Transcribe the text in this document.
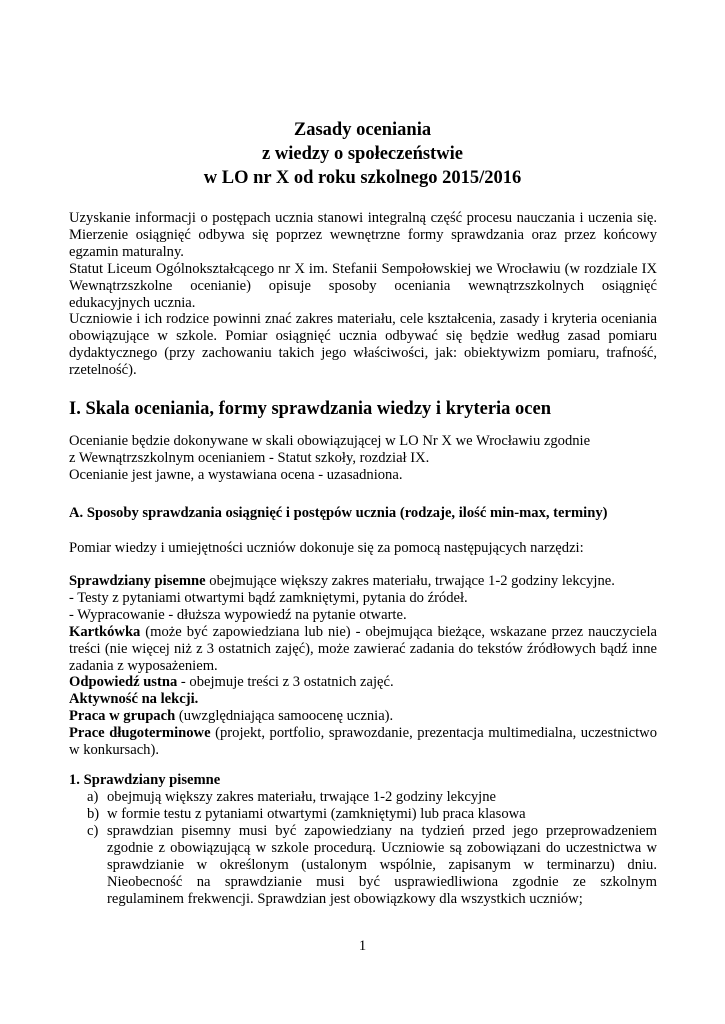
Zasady oceniania
z wiedzy o społeczeństwie
w LO nr X od roku szkolnego 2015/2016
Uzyskanie informacji o postępach ucznia stanowi integralną część procesu nauczania i uczenia się.
Mierzenie osiągnięć odbywa się poprzez wewnętrzne formy sprawdzania oraz przez końcowy
egzamin maturalny.
Statut Liceum Ogólnokształcącego nr X im. Stefanii Sempołowskiej we Wrocławiu (w rozdziale IX
Wewnątrzszkolne ocenianie) opisuje sposoby oceniania wewnątrzszkolnych osiągnięć
edukacyjnych ucznia.
Uczniowie i ich rodzice powinni znać zakres materiału, cele kształcenia, zasady i kryteria oceniania
obowiązujące w szkole. Pomiar osiągnięć ucznia odbywać się będzie według zasad pomiaru
dydaktycznego (przy zachowaniu takich jego właściwości, jak: obiektywizm pomiaru, trafność,
rzetelność).
I. Skala oceniania, formy sprawdzania wiedzy i kryteria ocen
Ocenianie będzie dokonywane w skali obowiązującej w LO Nr X we Wrocławiu zgodnie
z Wewnątrzszkolnym ocenianiem - Statut szkoły, rozdział IX.
Ocenianie jest jawne, a wystawiana ocena - uzasadniona.
A. Sposoby sprawdzania osiągnięć i postępów ucznia (rodzaje, ilość min-max, terminy)
Pomiar wiedzy i umiejętności uczniów dokonuje się za pomocą następujących narzędzi:
Sprawdziany pisemne obejmujące większy zakres materiału, trwające 1-2 godziny lekcyjne.
- Testy z pytaniami otwartymi bądź zamkniętymi, pytania do źródeł.
- Wypracowanie - dłuższa wypowiedź na pytanie otwarte.
Kartkówka (może być zapowiedziana lub nie) - obejmująca bieżące, wskazane przez nauczyciela
treści (nie więcej niż z 3 ostatnich zajęć), może zawierać zadania do tekstów źródłowych bądź inne
zadania z wyposażeniem.
Odpowiedź ustna - obejmuje treści z 3 ostatnich zajęć.
Aktywność na lekcji.
Praca w grupach (uwzględniająca samoocenę ucznia).
Prace długoterminowe (projekt, portfolio, sprawozdanie, prezentacja multimedialna, uczestnictwo
w konkursach).
1. Sprawdziany pisemne
a) obejmują większy zakres materiału, trwające 1-2 godziny lekcyjne
b) w formie testu z pytaniami otwartymi (zamkniętymi) lub praca klasowa
c) sprawdzian pisemny musi być zapowiedziany na tydzień przed jego przeprowadzeniem
zgodnie z obowiązującą w szkole procedurą. Uczniowie są zobowiązani do uczestnictwa w
sprawdzianie w określonym (ustalonym wspólnie, zapisanym w terminarzu) dniu.
Nieobecność na sprawdzianie musi być usprawiedliwiona zgodnie ze szkolnym
regulaminem frekwencji. Sprawdzian jest obowiązkowy dla wszystkich uczniów;
1
